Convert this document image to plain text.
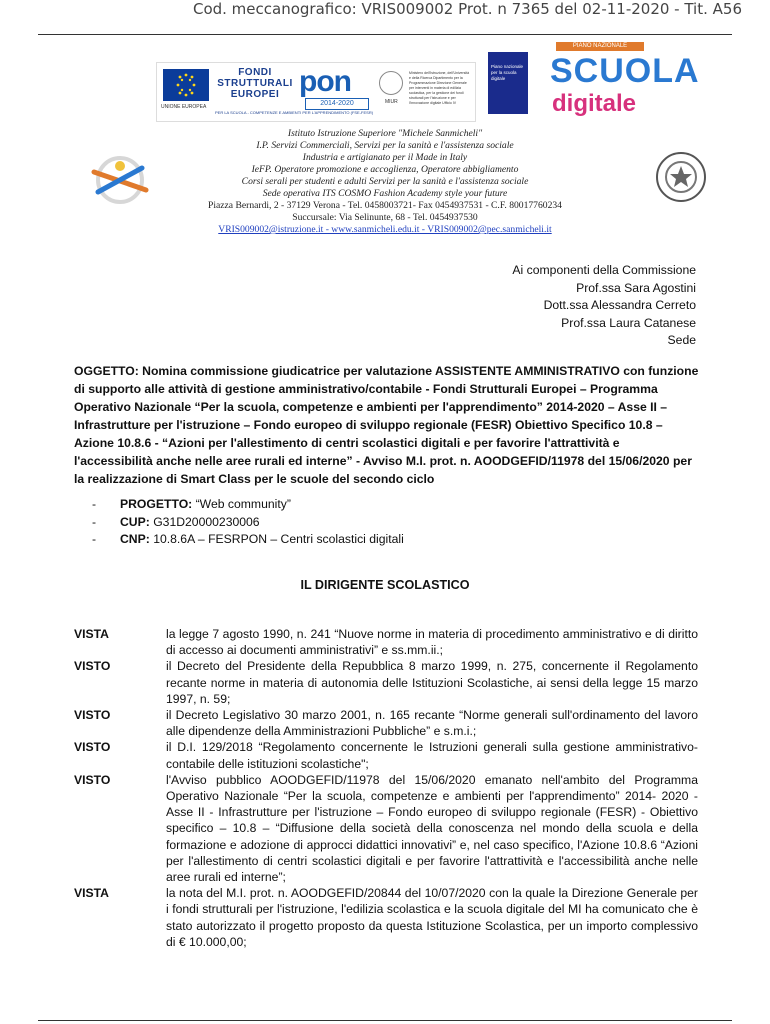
Cod. meccanografico: VRIS009002 Prot. n 7365 del 02-11-2020 - Tit. A56
UNIONE EUROPEA
FONDI STRUTTURALI EUROPEI
PER LA SCUOLA - COMPETENZE E AMBIENTI PER L'APPRENDIMENTO (FSE-FESR)
pon
2014-2020	MIUR
Ministero dell'Istruzione, dell'Università e della Ricerca Dipartimento per la Programmazione Direzione Generale per interventi in materia di edilizia scolastica, per la gestione dei fondi strutturali per l'istruzione e per l'innovazione digitale Ufficio IV
Piano nazionale per la scuola digitale
PIANO NAZIONALE
SCUOLA
digitale
Istituto Istruzione Superiore "Michele Sanmicheli"
I.P. Servizi Commerciali, Servizi per la sanità e l'assistenza sociale
Industria e artigianato per il Made in Italy
IeFP. Operatore promozione e accoglienza, Operatore abbigliamento
Corsi serali per studenti e adulti Servizi per la sanità e l'assistenza sociale
Sede operativa ITS COSMO Fashion Academy style your future
Piazza Bernardi, 2 - 37129 Verona - Tel. 0458003721- Fax 0454937531 - C.F. 80017760234
Succursale: Via Selinunte, 68 - Tel. 0454937530
VRIS009002@istruzione.it - www.sanmicheli.edu.it - VRIS009002@pec.sanmicheli.it
Ai componenti della Commissione
Prof.ssa Sara Agostini
Dott.ssa Alessandra Cerreto
Prof.ssa Laura Catanese
Sede
OGGETTO: Nomina commissione giudicatrice per valutazione ASSISTENTE AMMINISTRATIVO con funzione di supporto alle attività di gestione amministrativo/contabile - Fondi Strutturali Europei – Programma Operativo Nazionale “Per la scuola, competenze e ambienti per l'apprendimento” 2014-2020 – Asse II – Infrastrutture per l'istruzione – Fondo europeo di sviluppo regionale (FESR) Obiettivo Specifico 10.8 – Azione 10.8.6 - “Azioni per l'allestimento di centri scolastici digitali e per favorire l'attrattività e l'accessibilità anche nelle aree rurali ed interne” - Avviso M.I. prot. n. AOODGEFID/11978 del 15/06/2020 per la realizzazione di Smart Class per le scuole del secondo ciclo
-	PROGETTO: “Web community”
-	CUP: G31D20000230006
-	CNP: 10.8.6A – FESRPON – Centri scolastici digitali
IL DIRIGENTE SCOLASTICO
VISTA	la legge 7 agosto 1990, n. 241 “Nuove norme in materia di procedimento amministrativo e di diritto di accesso ai documenti amministrativi” e ss.mm.ii.;
VISTO	il Decreto del Presidente della Repubblica 8 marzo 1999, n. 275, concernente il Regolamento recante norme in materia di autonomia delle Istituzioni Scolastiche, ai sensi della legge 15 marzo 1997, n. 59;
VISTO	il Decreto Legislativo 30 marzo 2001, n. 165 recante “Norme generali sull'ordinamento del lavoro alle dipendenze della Amministrazioni Pubbliche” e s.m.i.;
VISTO	il D.I. 129/2018 “Regolamento concernente le Istruzioni generali sulla gestione amministrativo-contabile delle istituzioni scolastiche";
VISTO	l'Avviso pubblico AOODGEFID/11978 del 15/06/2020 emanato nell'ambito del Programma Operativo Nazionale “Per la scuola, competenze e ambienti per l'apprendimento” 2014- 2020 - Asse II - Infrastrutture per l'istruzione – Fondo europeo di sviluppo regionale (FESR) - Obiettivo specifico – 10.8 – “Diffusione della società della conoscenza nel mondo della scuola e della formazione e adozione di approcci didattici innovativi” e, nel caso specifico, l'Azione 10.8.6 “Azioni per l'allestimento di centri scolastici digitali e per favorire l'attrattività e l'accessibilità anche nelle aree rurali ed interne”;
VISTA	la nota del M.I. prot. n. AOODGEFID/20844 del 10/07/2020 con la quale la Direzione Generale per i fondi strutturali per l'istruzione, l'edilizia scolastica e la scuola digitale del MI ha comunicato che è stato autorizzato il progetto proposto da questa Istituzione Scolastica, per un importo complessivo di € 10.000,00;
